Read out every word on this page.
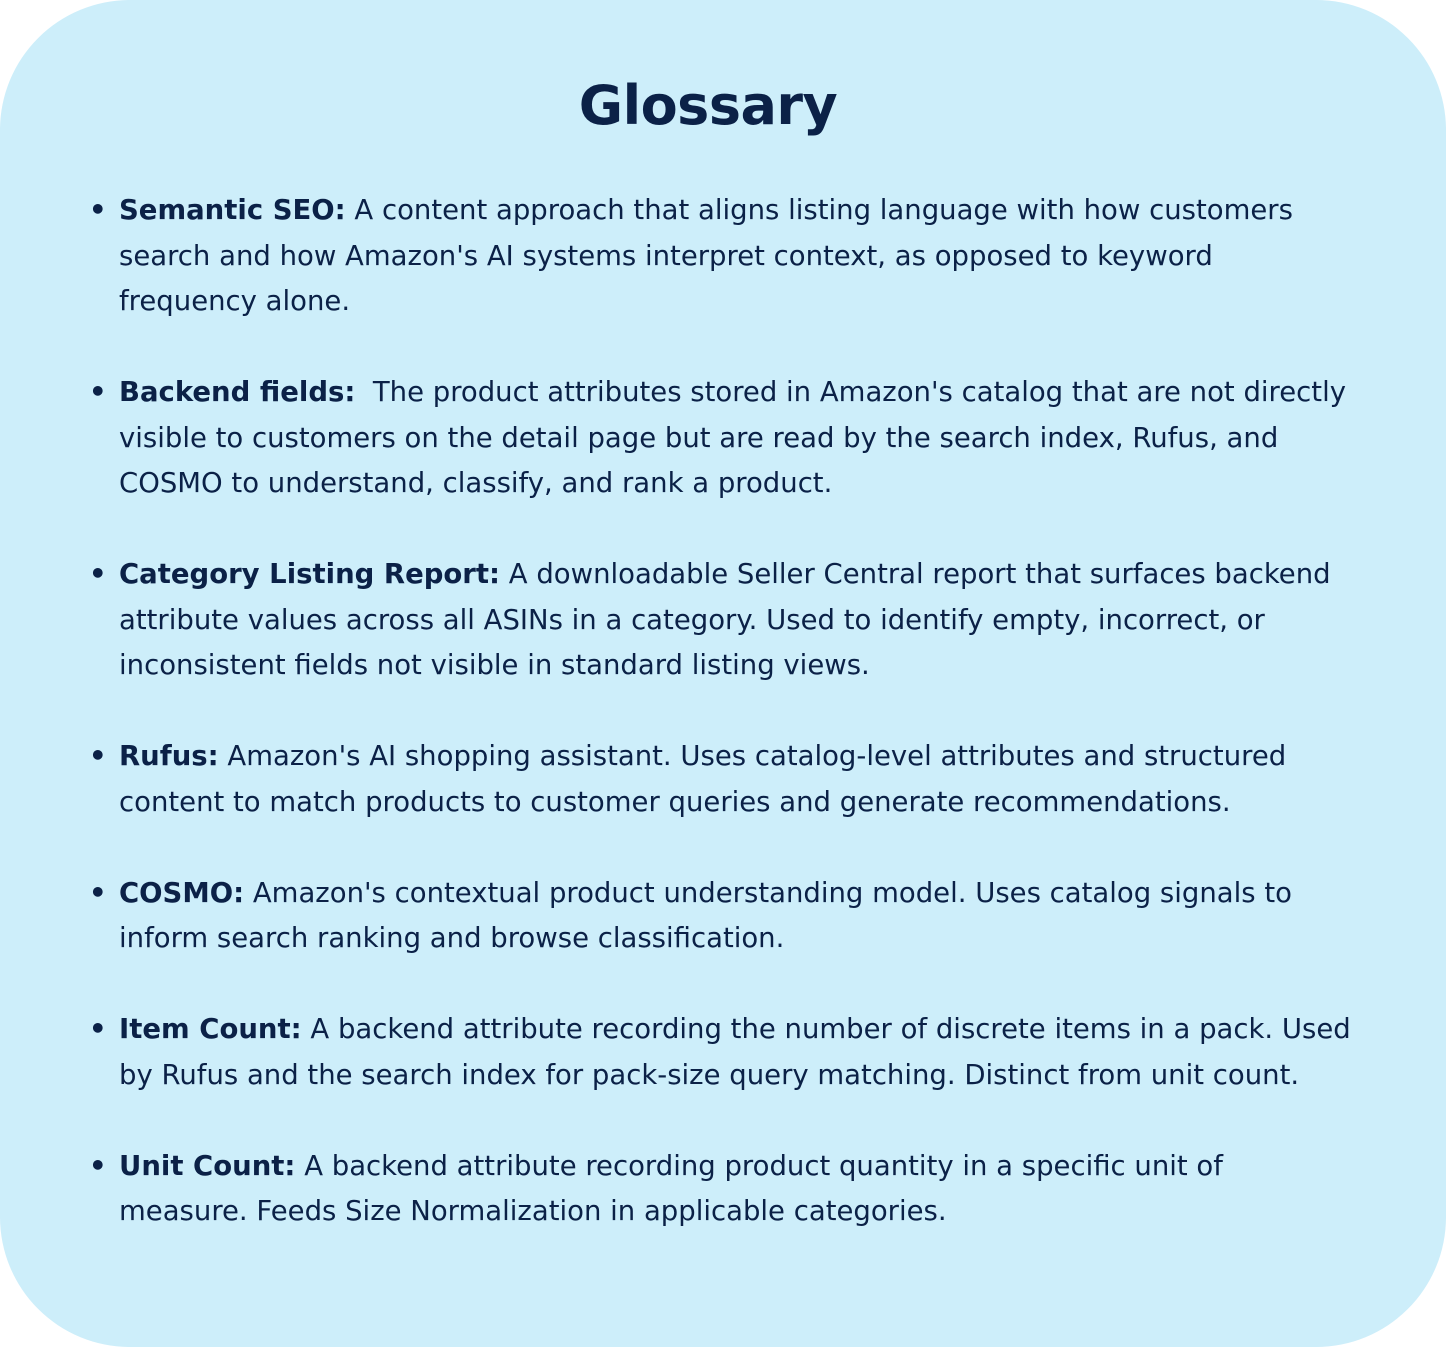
Glossary
• Semantic SEO: A content approach that aligns listing language with how customers search and how Amazon's AI systems interpret context, as opposed to keyword frequency alone.
• Backend fields: The product attributes stored in Amazon's catalog that are not directly visible to customers on the detail page but are read by the search index, Rufus, and COSMO to understand, classify, and rank a product.
• Category Listing Report: A downloadable Seller Central report that surfaces backend attribute values across all ASINs in a category. Used to identify empty, incorrect, or inconsistent fields not visible in standard listing views.
• Rufus: Amazon's AI shopping assistant. Uses catalog-level attributes and structured content to match products to customer queries and generate recommendations.
• COSMO: Amazon's contextual product understanding model. Uses catalog signals to inform search ranking and browse classification.
• Item Count: A backend attribute recording the number of discrete items in a pack. Used by Rufus and the search index for pack-size query matching. Distinct from unit count.
• Unit Count: A backend attribute recording product quantity in a specific unit of measure. Feeds Size Normalization in applicable categories.
